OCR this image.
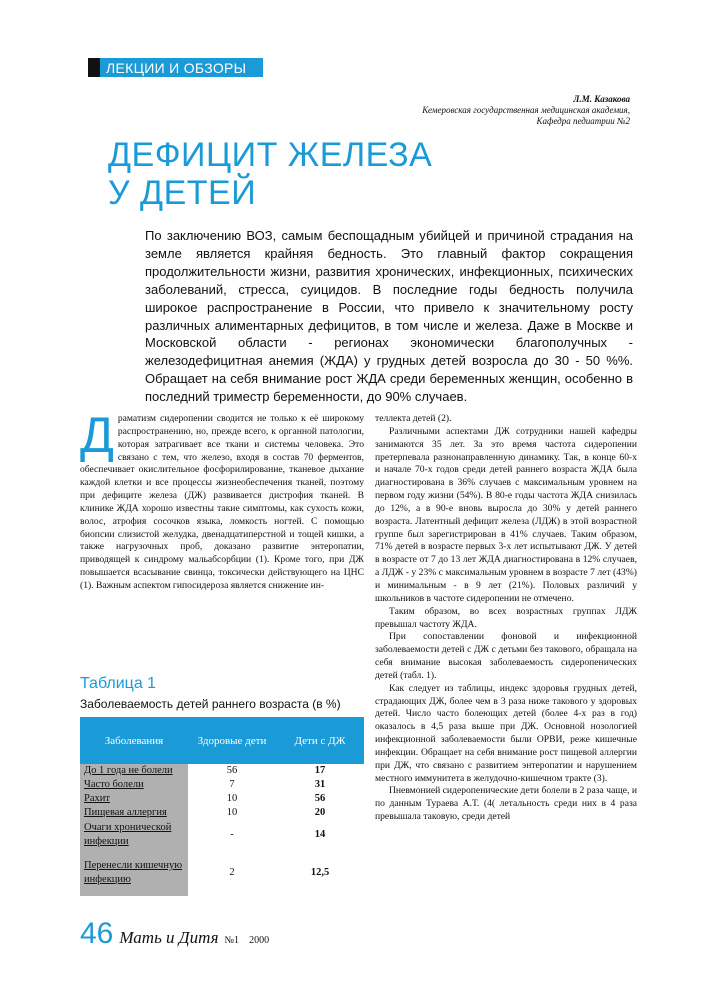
ЛЕКЦИИ И ОБЗОРЫ
Л.М. Казакова
Кемеровская государственная медицинская академия,
Кафедра педиатрии №2
ДЕФИЦИТ ЖЕЛЕЗА
У ДЕТЕЙ
По заключению ВОЗ, самым беспощадным убийцей и причиной страдания на земле является крайняя бедность. Это главный фактор сокращения продолжительности жизни, развития хронических, инфекционных, психических заболеваний, стресса, суицидов. В последние годы бедность получила широкое распространение в России, что привело к значительному росту различных алиментарных дефицитов, в том числе и железа. Даже в Москве и Московской области - регионах экономически благополучных - железодефицитная анемия (ЖДА) у грудных детей возросла до 30 - 50 %%. Обращает на себя внимание рост ЖДА среди беременных женщин, особенно в последний триместр беременности, до 90% случаев.
Д раматизм сидеропении сводится не только к её широкому распространению, но, прежде всего, к органной патологии, которая затрагивает все ткани и системы человека. Это связано с тем, что железо, входя в состав 70 ферментов, обеспечивает окислительное фосфорилирование, тканевое дыхание каждой клетки и все процессы жизнеобеспечения тканей, поэтому при дефиците железа (ДЖ) развивается дистрофия тканей. В клинике ЖДА хорошо известны такие симптомы, как сухость кожи, волос, атрофия сосочков языка, ломкость ногтей. С помощью биопсии слизистой желудка, двенадцатиперстной и тощей кишки, а также нагрузочных проб, доказано развитие энтеропатии, приводящей к синдрому мальабсорбции (1). Кроме того, при ДЖ повышается всасывание свинца, токсически действующего на ЦНС (1). Важным аспектом гипосидероза является снижение ин-

теллекта детей (2).

Различными аспектами ДЖ сотрудники нашей кафедры занимаются 35 лет. За это время частота сидеропении претерпевала разнонаправленную динамику. Так, в конце 60-х и начале 70-х годов среди детей раннего возраста ЖДА была диагностирована в 36% случаев с максимальным уровнем на первом году жизни (54%). В 80-е годы частота ЖДА снизилась до 12%, а в 90-е вновь выросла до 30% у детей раннего возраста. Латентный дефицит железа (ЛДЖ) в этой возрастной группе был зарегистрирован в 41% случаев. Таким образом, 71% детей в возрасте первых 3-х лет испытывают ДЖ. У детей в возрасте от 7 до 13 лет ЖДА диагностирована в 12% случаев, а ЛДЖ - у 23% с максимальным уровнем в возрасте 7 лет (43%) и минимальным - в 9 лет (21%). Половых различий у школьников в частоте сидеропении не отмечено.

Таким образом, во всех возрастных группах ЛДЖ превышал частоту ЖДА.

При сопоставлении фоновой и инфекционной заболеваемости детей с ДЖ с детьми без такового, обращала на себя внимание высокая заболеваемость сидеропенических детей (табл. 1).

Как следует из таблицы, индекс здоровья грудных детей, страдающих ДЖ, более чем в 3 раза ниже такового у здоровых детей. Число часто болеющих детей (более 4-х раз в год) оказалось в 4,5 раза выше при ДЖ. Основной нозологией инфекционной заболеваемости были ОРВИ, реже кишечные инфекции. Обращает на себя внимание рост пищевой аллергии при ДЖ, что связано с развитием энтеропатии и нарушением местного иммунитета в желудочно-кишечном тракте (3).

Пневмонией сидеропенические дети болели в 2 раза чаще, и по данным Тураева А.Т. (4( летальность среди них в 4 раза превышала таковую, среди детей

Таблица 1
Заболеваемость детей раннего возраста (в %)
Заболевания	Здоровые дети	Дети с ДЖ
До 1 года не болели	56	17
Часто болели	7	31
Рахит	10	56
Пищевая аллергия	10	20
Очаги хронической инфекции	-	14
Перенесли кишечную инфекцию	2	12,5
46 Мать и Дитя №1 2000
